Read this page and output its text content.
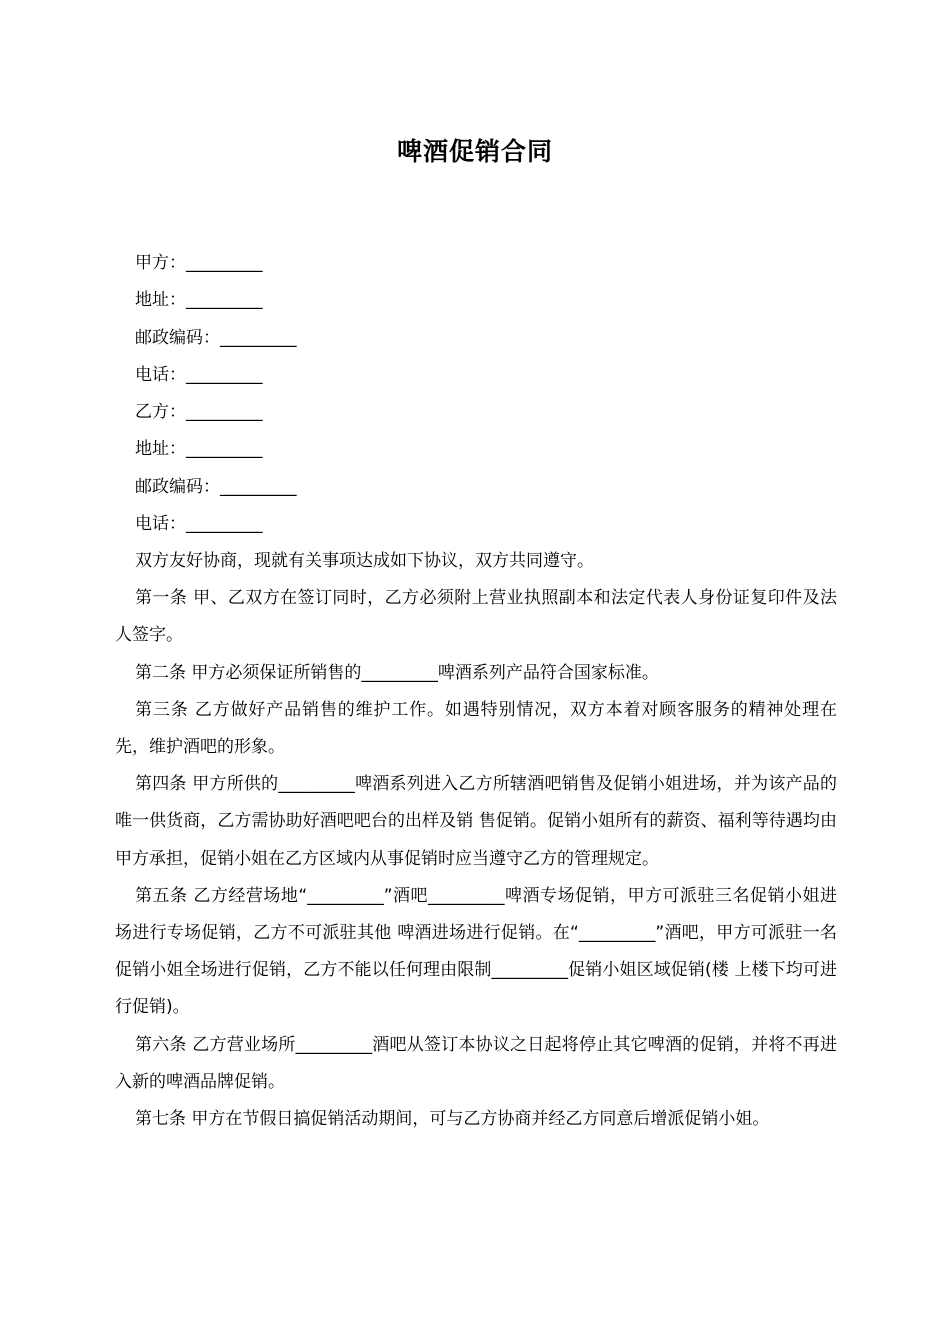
啤酒促销合同
甲方：_________
地址：_________
邮政编码：_________
电话：_________
乙方：_________
地址：_________
邮政编码：_________
电话：_________

双方友好协商，现就有关事项达成如下协议，双方共同遵守。

第一条 甲、乙双方在签订同时，乙方必须附上营业执照副本和法定代表人身份证复印件及法人签字。

第二条 甲方必须保证所销售的_________啤酒系列产品符合国家标准。

第三条 乙方做好产品销售的维护工作。如遇特别情况，双方本着对顾客服务的精神处理在先，维护酒吧的形象。

第四条 甲方所供的_________啤酒系列进入乙方所辖酒吧销售及促销小姐进场，并为该产品的唯一供货商，乙方需协助好酒吧吧台的出样及销 售促销。促销小姐所有的薪资、福利等待遇均由甲方承担，促销小姐在乙方区域内从事促销时应当遵守乙方的管理规定。

第五条 乙方经营场地“_________”酒吧_________啤酒专场促销，甲方可派驻三名促销小姐进场进行专场促销，乙方不可派驻其他 啤酒进场进行促销。在“_________”酒吧，甲方可派驻一名促销小姐全场进行促销，乙方不能以任何理由限制_________促销小姐区域促销(楼 上楼下均可进行促销)。

第六条 乙方营业场所_________酒吧从签订本协议之日起将停止其它啤酒的促销，并将不再进入新的啤酒品牌促销。

第七条 甲方在节假日搞促销活动期间，可与乙方协商并经乙方同意后增派促销小姐。
